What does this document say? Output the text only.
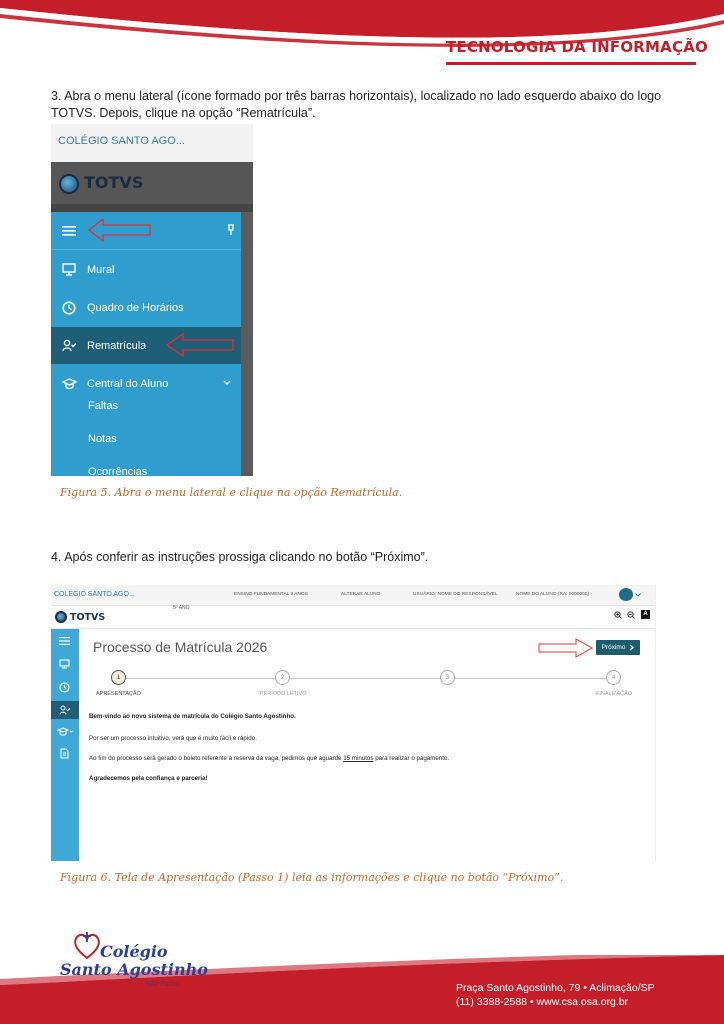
TECNOLOGIA DA INFORMAÇÃO
3. Abra o menu lateral (ícone formado por três barras horizontais), localizado no lado esquerdo abaixo do logo TOTVS. Depois, clique na opção “Rematrícula”.
COLÉGIO SANTO AGO...
TOTVS
Mural
Quadro de Horários
Rematrícula
Central do Aluno
Faltas
Notas
Ocorrências
Figura 5. Abra o menu lateral e clique na opção Rematrícula.
4. Após conferir as instruções prossiga clicando no botão “Próximo”.
COLÉGIO SANTO AGO...	ENSINO FUNDAMENTAL 9 ANOS	ALTERAR ALUNO	USUÁRIO: NOME DO RESPONSÁVEL	NOME DO ALUNO (RA: 0000000)
5º ANO
TOTVS	A
Processo de Matrícula 2026	Próximo
1	2	3	4
APRESENTAÇÃO	PERÍODO LETIVO	FINALIZAÇÃO
Bem-vindo ao novo sistema de matrícula do Colégio Santo Agostinho.
Por ser um processo intuitivo, verá que é muito fácil e rápido.
Ao fim do processo será gerado o boleto referente à reserva da vaga, pedimos que aguarde 15 minutos para realizar o pagamento.
Agradecemos pela confiança e parceria!
Figura 6. Tela de Apresentação (Passo 1) leia as informações e clique no botão “Próximo”.
Colégio
Santo Agostinho
São Paulo	Praça Santo Agostinho, 79 • Aclimação/SP
(11) 3388-2588 • www.csa.osa.org.br
